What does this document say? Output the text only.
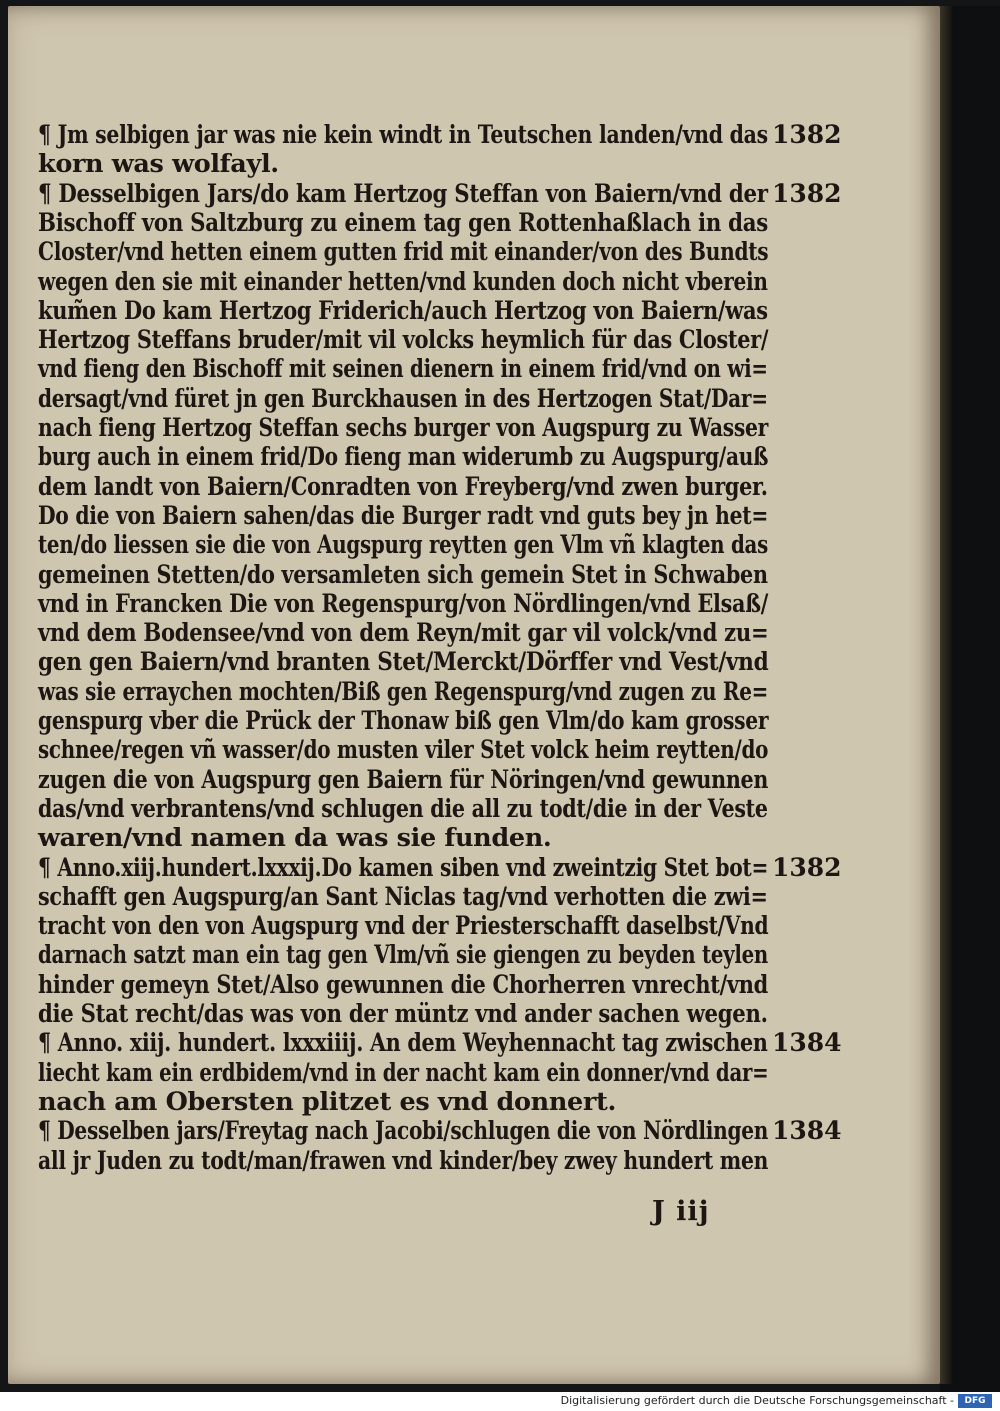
¶ Jm selbigen jar was nie kein windt in Teutschen landen/vnd das
korn was wolfayl.
¶ Desselbigen Jars/do kam Hertzog Steffan von Baiern/vnd der
Bischoff von Saltzburg zu einem tag gen Rottenhaßlach in das
Closter/vnd hetten einem gutten frid mit einander/von des Bundts
wegen den sie mit einander hetten/vnd kunden doch nicht vberein
kum̃en Do kam Hertzog Friderich/auch Hertzog von Baiern/was
Hertzog Steffans bruder/mit vil volcks heymlich für das Closter/
vnd fieng den Bischoff mit seinen dienern in einem frid/vnd on wi=
dersagt/vnd füret jn gen Burckhausen in des Hertzogen Stat/Dar=
nach fieng Hertzog Steffan sechs burger von Augspurg zu Wasser
burg auch in einem frid/Do fieng man widerumb zu Augspurg/auß
dem landt von Baiern/Conradten von Freyberg/vnd zwen burger.
Do die von Baiern sahen/das die Burger radt vnd guts bey jn het=
ten/do liessen sie die von Augspurg reytten gen Vlm vñ klagten das
gemeinen Stetten/do versamleten sich gemein Stet in Schwaben
vnd in Francken Die von Regenspurg/von Nördlingen/vnd Elsaß/
vnd dem Bodensee/vnd von dem Reyn/mit gar vil volck/vnd zu=
gen gen Baiern/vnd branten Stet/Merckt/Dörffer vnd Vest/vnd
was sie erraychen mochten/Biß gen Regenspurg/vnd zugen zu Re=
genspurg vber die Prück der Thonaw biß gen Vlm/do kam grosser
schnee/regen vñ wasser/do musten viler Stet volck heim reytten/do
zugen die von Augspurg gen Baiern für Nöringen/vnd gewunnen
das/vnd verbrantens/vnd schlugen die all zu todt/die in der Veste
waren/vnd namen da was sie funden.
¶ Anno.xiij.hundert.lxxxij.Do kamen siben vnd zweintzig Stet bot=
schafft gen Augspurg/an Sant Niclas tag/vnd verhotten die zwi=
tracht von den von Augspurg vnd der Priesterschafft daselbst/Vnd
darnach satzt man ein tag gen Vlm/vñ sie giengen zu beyden teylen
hinder gemeyn Stet/Also gewunnen die Chorherren vnrecht/vnd
die Stat recht/das was von der müntz vnd ander sachen wegen.
¶ Anno. xiij. hundert. lxxxiiij. An dem Weyhennacht tag zwischen
liecht kam ein erdbidem/vnd in der nacht kam ein donner/vnd dar=
nach am Obersten plitzet es vnd donnert.
¶ Desselben jars/Freytag nach Jacobi/schlugen die von Nördlingen
all jr Juden zu todt/man/frawen vnd kinder/bey zwey hundert men
1382
1382
1382
1384
1384
J iij
Digitalisierung gefördert durch die Deutsche Forschungsgemeinschaft -	DFG
